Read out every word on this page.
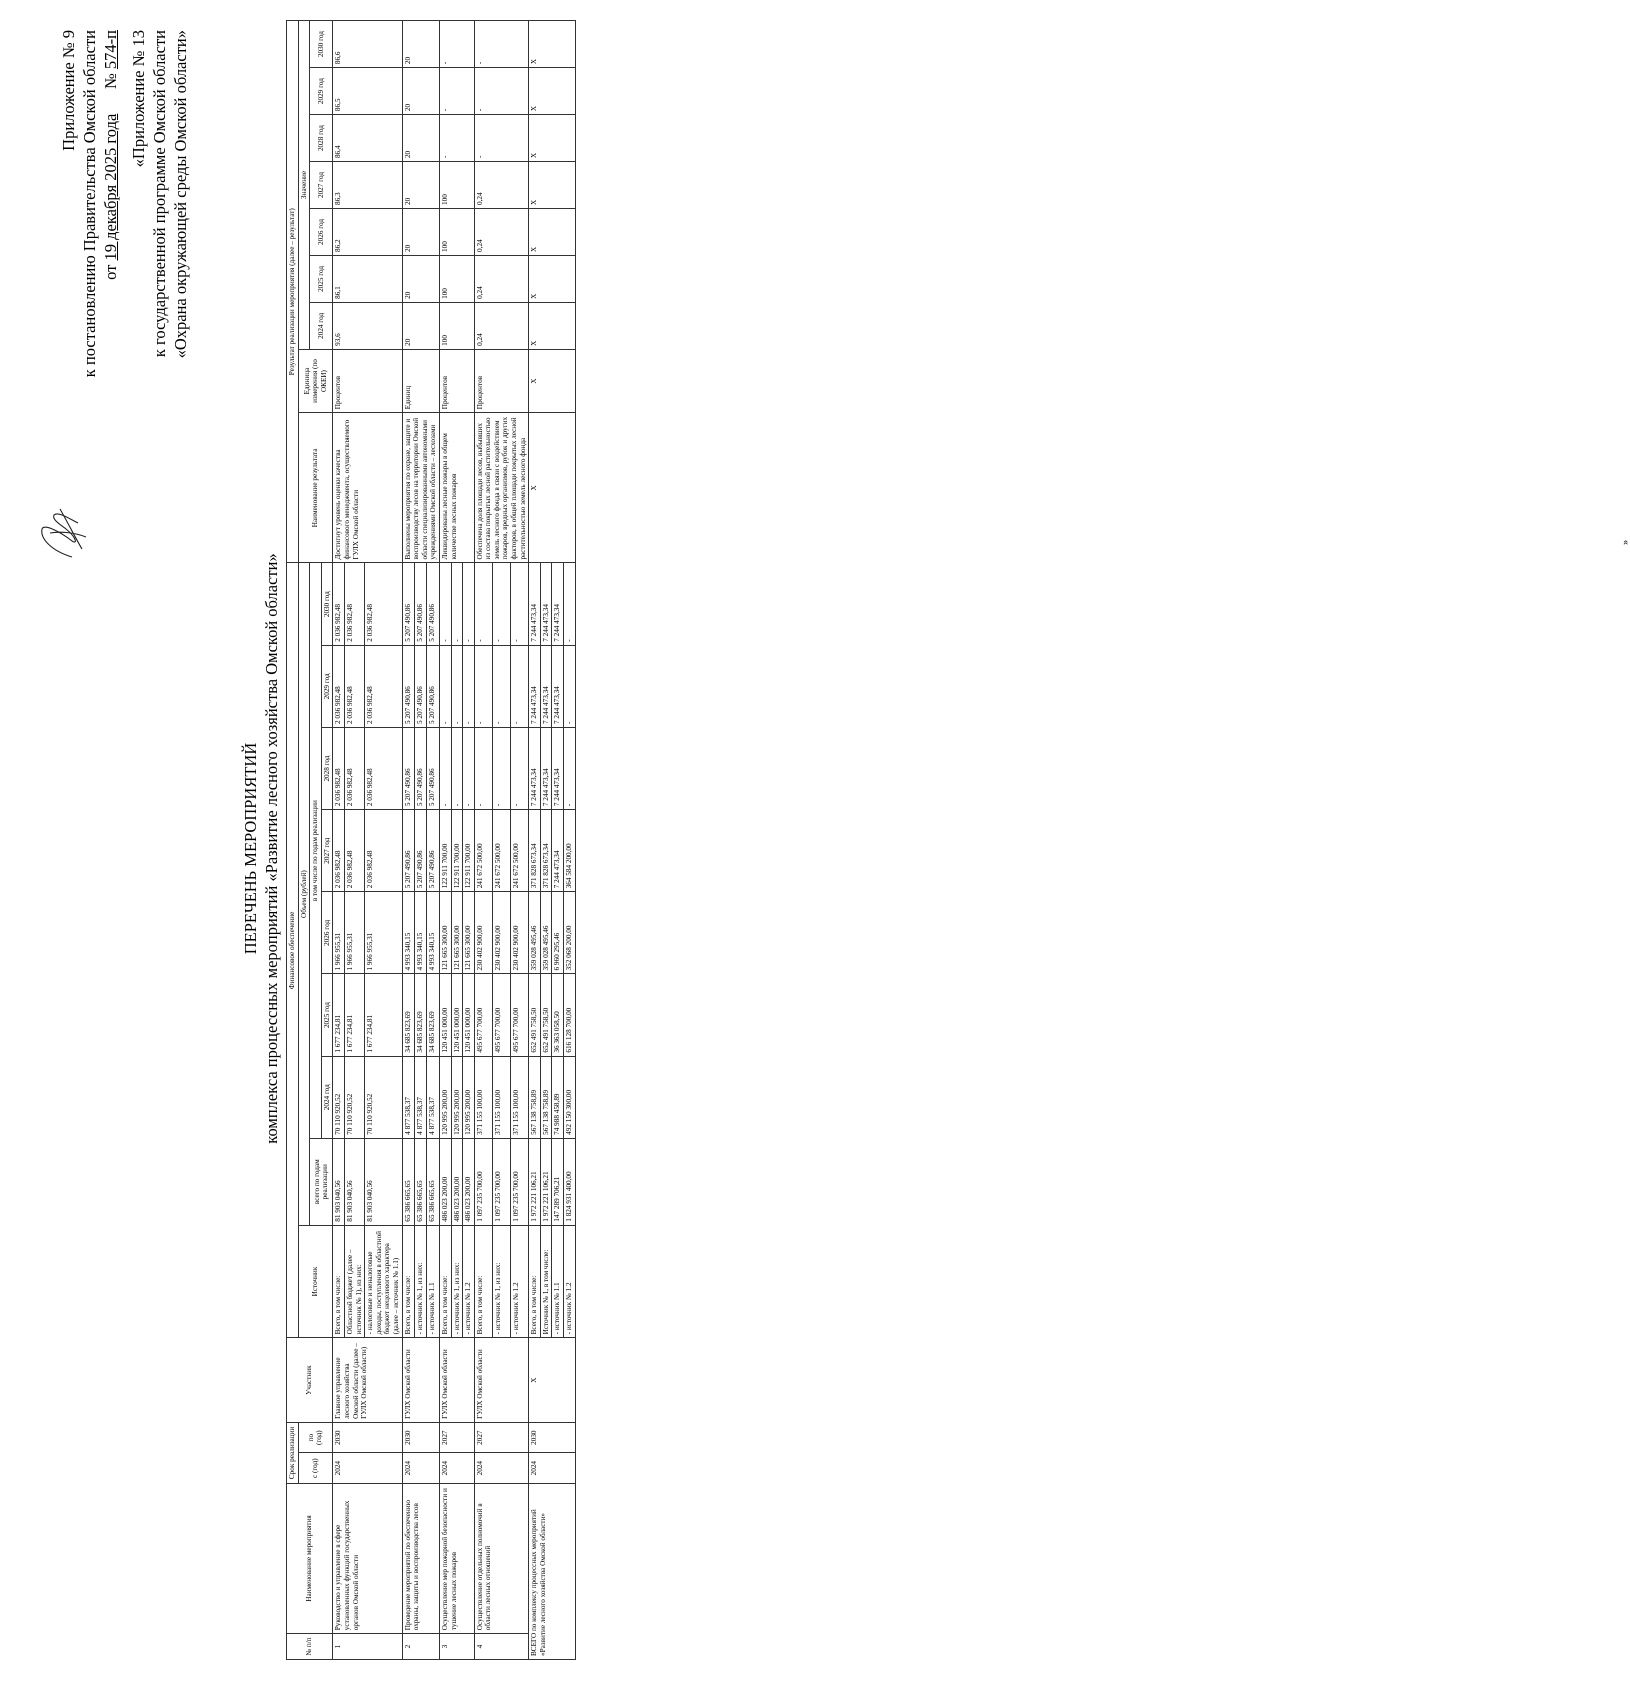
Приложение № 9 к постановлению Правительства Омской области от 19 декабря 2025 года      № 574-п «Приложение № 13 к государственной программе Омской области «Охрана окружающей среды Омской области»
ПЕРЕЧЕНЬ МЕРОПРИЯТИЙ комплекса процессных мероприятий «Развитие лесного хозяйства Омской области»
№ п/п	Наименование мероприятия	Срок реализации		Участник	Финансовое обеспечение									Результат реализации мероприятия (далее – результат)								
		с (год)	по (год)		Источник	Объем (рублей)								Наименование результата	Единица измерения (по ОКЕИ)	Значение						
						всего по годам реализации	в том числе по годам реализации									2024 год	2025 год	2026 год	2027 год	2028 год	2029 год	2030 год
							2024 год	2025 год	2026 год	2027 год	2028 год	2029 год	2030 год									
1	Руководство и управление в сфере установленных функций государственных органов Омской области	2024	2030	Главное управление лесного хозяйства Омской области (далее – ГУЛХ Омской области)	Всего, в том числе:	81 903 040,56	70 110 920,52	1 677 234,81	1 966 955,31	2 036 982,48	2 036 982,48	2 036 982,48	2 036 982,48	Достигнут уровень оценки качества финансового менеджмента, осуществляемого ГУЛХ Омской области	Процентов	93,6	86,1	86,2	86,3	86,4	86,5	86,6
					Областной бюджет (далее – источник № 1), из них:	81 903 040,56	70 110 920,52	1 677 234,81	1 966 955,31	2 036 982,48	2 036 982,48	2 036 982,48	2 036 982,48									
					- налоговые и неналоговые доходы, поступления в областной бюджет нецелевого характера (далее – источник № 1.1)	81 903 040,56	70 110 920,52	1 677 234,81	1 966 955,31	2 036 982,48	2 036 982,48	2 036 982,48	2 036 982,48									
2	Проведение мероприятий по обеспечению охраны, защиты и воспроизводства лесов	2024	2030	ГУЛХ Омской области	Всего, в том числе:	65 386 665,65	4 877 538,37	34 685 823,69	4 993 340,15	5 207 490,86	5 207 490,86	5 207 490,86	5 207 490,86	Выполнены мероприятия по охране, защите и воспроизводству лесов на территории Омской области специализированными автономными учреждениями Омской области – лесхозами	Единиц	20	20	20	20	20	20	20
					- источник № 1, из них:	65 386 665,65	4 877 538,37	34 685 823,69	4 993 340,15	5 207 490,86	5 207 490,86	5 207 490,86	5 207 490,86									
					- источник № 1.1	65 386 665,65	4 877 538,37	34 685 823,69	4 993 340,15	5 207 490,86	5 207 490,86	5 207 490,86	5 207 490,86									
3	Осуществление мер пожарной безопасности и тушение лесных пожаров	2024	2027	ГУЛХ Омской области	Всего, в том числе:	486 023 200,00	120 995 200,00	120 451 000,00	121 665 300,00	122 911 700,00	-	-	-	Ликвидированы лесные пожары в общем количестве лесных пожаров	Процентов	100	100	100	100	-	-	-
					- источник № 1, из них:	486 023 200,00	120 995 200,00	120 451 000,00	121 665 300,00	122 911 700,00	-	-	-									
					- источник № 1.2	486 023 200,00	120 995 200,00	120 451 000,00	121 665 300,00	122 911 700,00	-	-	-									
4	Осуществление отдельных полномочий в области лесных отношений	2024	2027	ГУЛХ Омской области	Всего, в том числе:	1 097 235 700,00	371 155 100,00	495 677 700,00	230 402 900,00	241 672 500,00	-	-	-	Обеспечена доля площади лесов, выбывших из состава покрытых лесной растительностью земель лесного фонда в связи с воздействием пожаров, вредных организмов, рубок и других факторов, в общей площади покрытых лесной растительностью земель лесного фонда	Процентов	0,24	0,24	0,24	0,24	-	-	-
					- источник № 1, из них:	1 097 235 700,00	371 155 100,00	495 677 700,00	230 402 900,00	241 672 500,00	-	-	-									
					- источник № 1.2	1 097 235 700,00	371 155 100,00	495 677 700,00	230 402 900,00	241 672 500,00	-	-	-									
ВСЕГО по комплексу процессных мероприятий «Развитие лесного хозяйства Омской области»		2024	2030	X	Всего, в том числе:	1 972 221 106,21	567 138 758,89	652 491 758,50	359 028 495,46	371 828 673,34	7 244 473,34	7 244 473,34	7 244 473,34	X	X	X	X	X	X	X	X	X
					Источник № 1, в том числе:	1 972 221 106,21	567 138 758,89	652 491 758,50	359 028 495,46	371 828 673,34	7 244 473,34	7 244 473,34	7 244 473,34									
					- источник № 1.1	147 289 706,21	74 988 458,89	36 363 058,50	6 960 295,46	7 244 473,34	7 244 473,34	7 244 473,34	7 244 473,34									
					- источник № 1.2	1 824 931 400,00	492 150 300,00	616 128 700,00	352 068 200,00	364 584 200,00	-	-	-									
»
